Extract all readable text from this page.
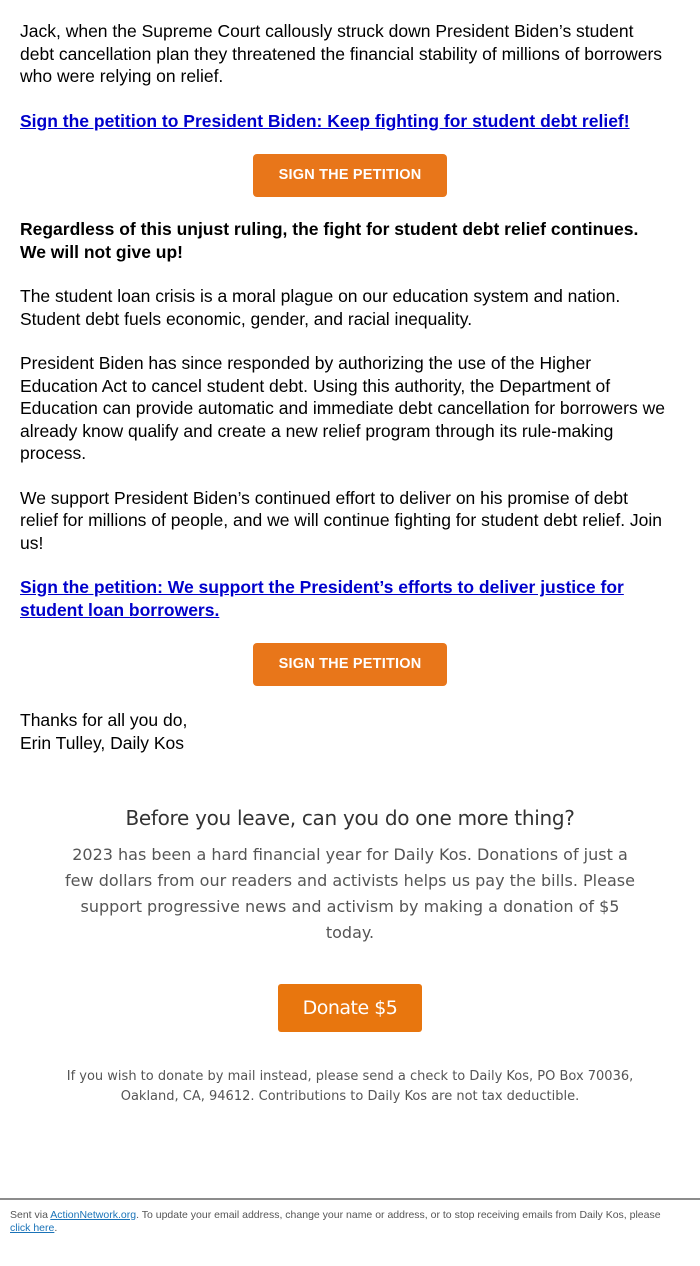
Jack, when the Supreme Court callously struck down President Biden’s student debt cancellation plan they threatened the financial stability of millions of borrowers who were relying on relief.

Sign the petition to President Biden: Keep fighting for student debt relief!

SIGN THE PETITION

Regardless of this unjust ruling, the fight for student debt relief continues. We will not give up!

The student loan crisis is a moral plague on our education system and nation. Student debt fuels economic, gender, and racial inequality.

President Biden has since responded by authorizing the use of the Higher Education Act to cancel student debt. Using this authority, the Department of Education can provide automatic and immediate debt cancellation for borrowers we already know qualify and create a new relief program through its rule-making process.

We support President Biden’s continued effort to deliver on his promise of debt relief for millions of people, and we will continue fighting for student debt relief. Join us!

Sign the petition: We support the President’s efforts to deliver justice for student loan borrowers.

SIGN THE PETITION

Thanks for all you do,
Erin Tulley, Daily Kos

Before you leave, can you do one more thing?
2023 has been a hard financial year for Daily Kos. Donations of just a few dollars from our readers and activists helps us pay the bills. Please support progressive news and activism by making a donation of $5 today.
Donate $5
If you wish to donate by mail instead, please send a check to Daily Kos, PO Box 70036, Oakland, CA, 94612. Contributions to Daily Kos are not tax deductible.
Sent via ActionNetwork.org. To update your email address, change your name or address, or to stop receiving emails from Daily Kos, please click here.
